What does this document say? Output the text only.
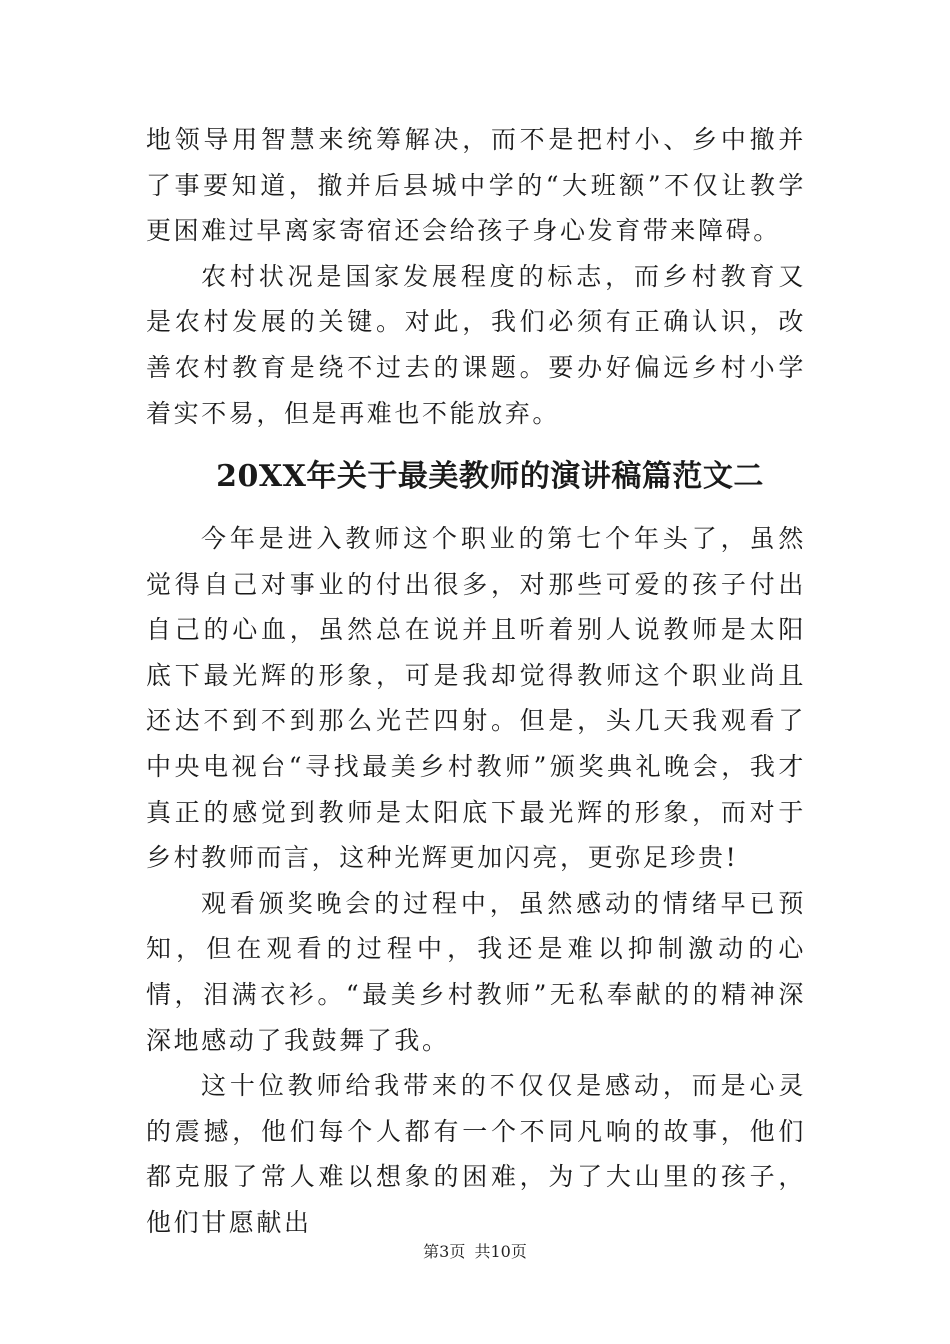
地领导用智慧来统筹解决，而不是把村小、乡中撤并了事要知道，撤并后县城中学的“大班额”不仅让教学更困难过早离家寄宿还会给孩子身心发育带来障碍。

农村状况是国家发展程度的标志，而乡村教育又是农村发展的关键。对此，我们必须有正确认识，改善农村教育是绕不过去的课题。要办好偏远乡村小学着实不易，但是再难也不能放弃。

20XX年关于最美教师的演讲稿篇范文二

今年是进入教师这个职业的第七个年头了，虽然觉得自己对事业的付出很多，对那些可爱的孩子付出自己的心血，虽然总在说并且听着别人说教师是太阳底下最光辉的形象，可是我却觉得教师这个职业尚且还达不到不到那么光芒四射。但是，头几天我观看了中央电视台“寻找最美乡村教师”颁奖典礼晚会，我才真正的感觉到教师是太阳底下最光辉的形象，而对于乡村教师而言，这种光辉更加闪亮，更弥足珍贵!

观看颁奖晚会的过程中，虽然感动的情绪早已预知，但在观看的过程中，我还是难以抑制激动的心情，泪满衣衫。“最美乡村教师”无私奉献的的精神深深地感动了我鼓舞了我。

这十位教师给我带来的不仅仅是感动，而是心灵的震撼，他们每个人都有一个不同凡响的故事，他们都克服了常人难以想象的困难，为了大山里的孩子，他们甘愿献出

第3页 共10页
